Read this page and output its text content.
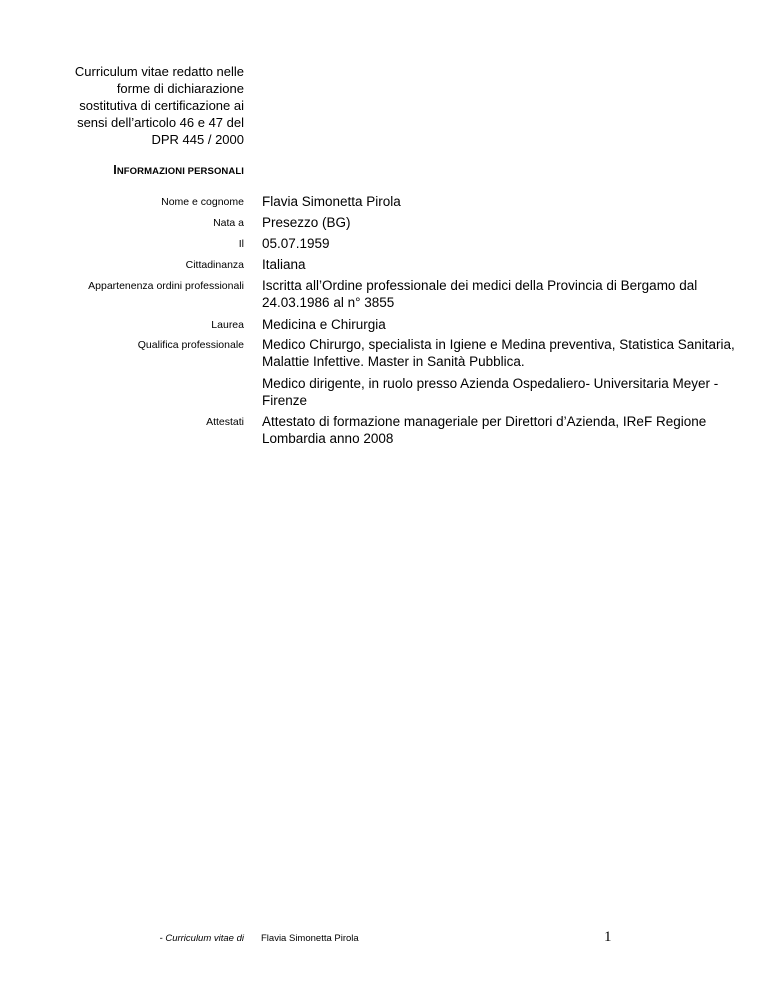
Curriculum vitae redatto nelle
forme di dichiarazione
sostitutiva di certificazione ai
sensi dell’articolo 46 e 47 del
DPR 445 / 2000
INFORMAZIONI PERSONALI
Nome e cognome Flavia Simonetta Pirola
Nata a Presezzo (BG)
Il 05.07.1959
Cittadinanza Italiana
Appartenenza ordini professionali Iscritta all’Ordine professionale dei medici della Provincia di Bergamo dal
24.03.1986 al n° 3855
Laurea Medicina e Chirurgia
Qualifica professionale Medico Chirurgo, specialista in Igiene e Medina preventiva, Statistica Sanitaria,
Malattie Infettive. Master in Sanità Pubblica.
Medico dirigente, in ruolo presso Azienda Ospedaliero- Universitaria Meyer -
Firenze
Attestati Attestato di formazione manageriale per Direttori d’Azienda, IReF Regione
Lombardia anno 2008
- Curriculum vitae di Flavia Simonetta Pirola	1
